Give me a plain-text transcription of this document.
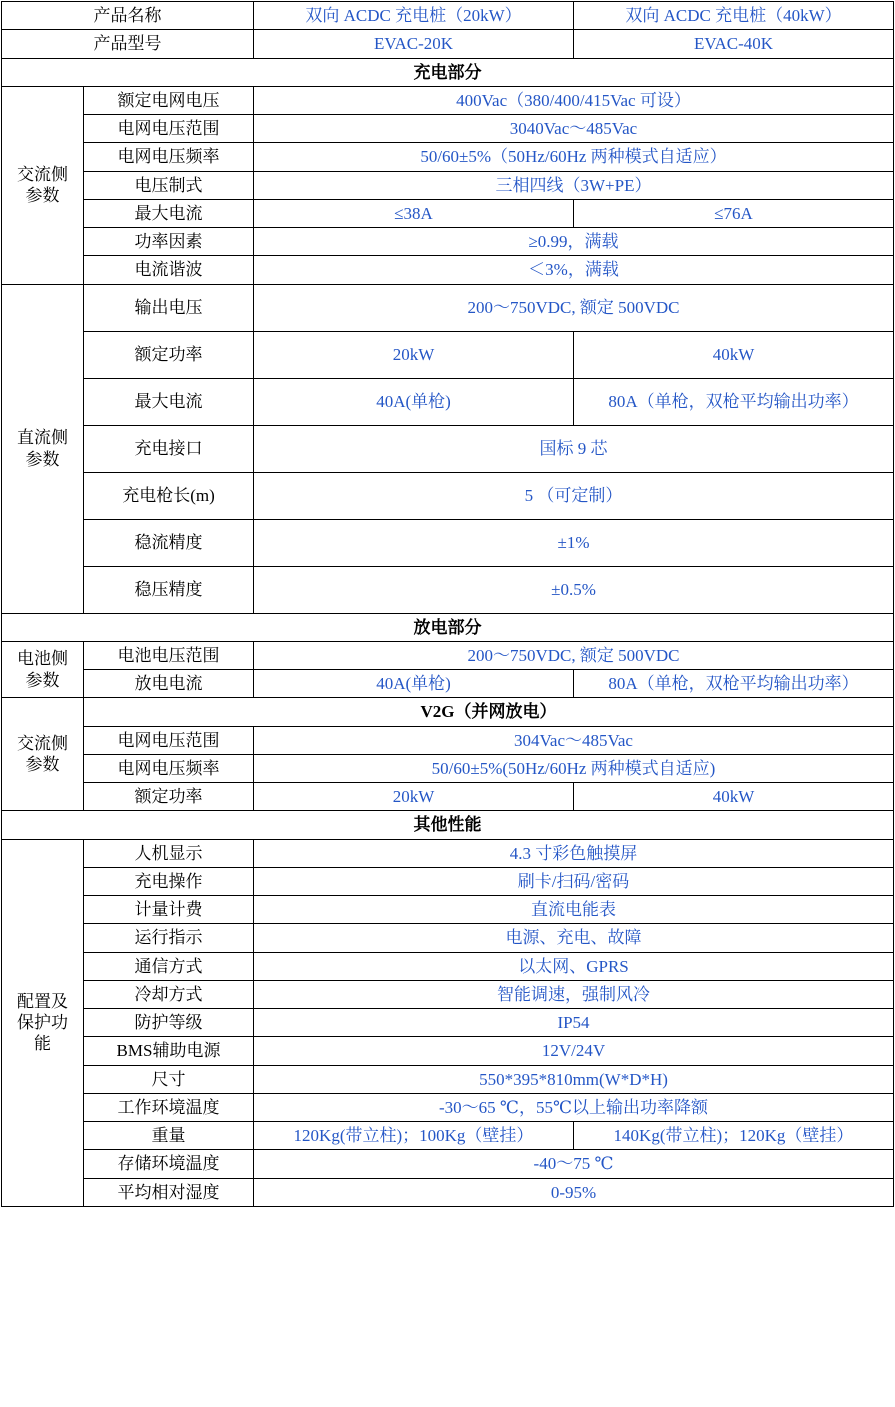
产品名称		双向 ACDC 充电桩（20kW）	双向 ACDC 充电桩（40kW）
产品型号		EVAC-20K	EVAC-40K
充电部分			

交流侧
参数	额定电网电压	400Vac（380/400/415Vac 可设）	
	电网电压范围	3040Vac～485Vac	
	电网电压频率	50/60±5%（50Hz/60Hz 两种模式自适应）	
	电压制式	三相四线（3W+PE）	
	最大电流	≤38A	≤76A
	功率因素	≥0.99，满载	
	电流谐波	＜3%，满载	

直流侧
参数	输出电压	200～750VDC, 额定 500VDC	
	额定功率	20kW	40kW
	最大电流	40A(单枪)	80A（单枪，双枪平均输出功率）
	充电接口	国标 9 芯	
	充电枪长(m)	5 （可定制）	
	稳流精度	±1%	
	稳压精度	±0.5%	
放电部分			

电池侧
参数	电池电压范围	200～750VDC, 额定 500VDC	
	放电电流	40A(单枪)	80A（单枪，双枪平均输出功率）

交流侧
参数	V2G（并网放电）		
	电网电压范围	304Vac～485Vac	
	电网电压频率	50/60±5%(50Hz/60Hz 两种模式自适应)	
	额定功率	20kW	40kW
其他性能			

配置及
保护功
能	人机显示	4.3 寸彩色触摸屏	
	充电操作	刷卡/扫码/密码	
	计量计费	直流电能表	
	运行指示	电源、充电、故障	
	通信方式	以太网、GPRS	
	冷却方式	智能调速，强制风冷	
	防护等级	IP54	
	BMS辅助电源	12V/24V	
	尺寸	550*395*810mm(W*D*H)	
	工作环境温度	-30～65 ℃，55℃以上输出功率降额	
	重量	120Kg(带立柱)；100Kg（壁挂）	140Kg(带立柱)；120Kg（壁挂）
	存储环境温度	-40～75 ℃	
	平均相对湿度	0-95%	
